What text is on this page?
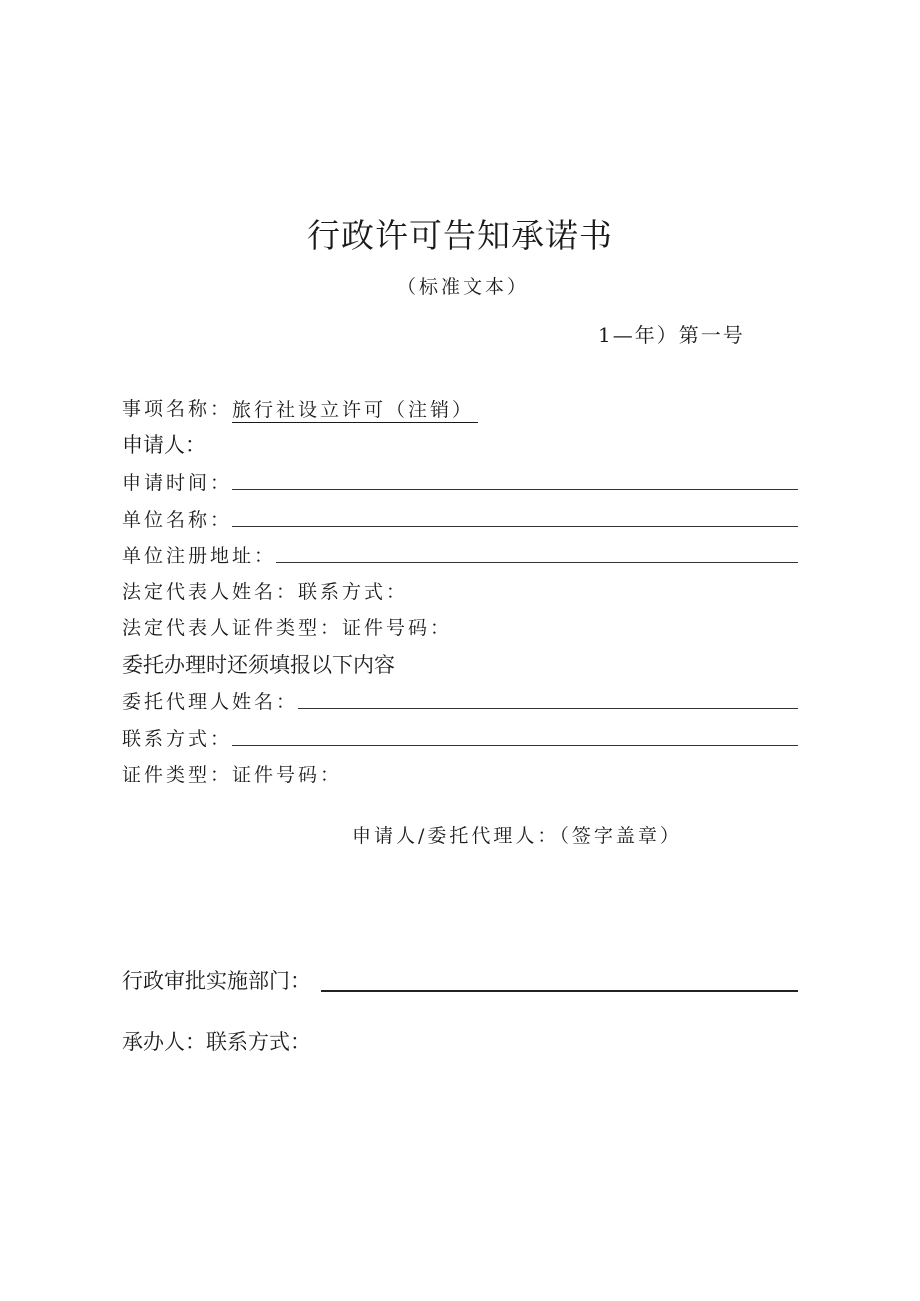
行政许可告知承诺书
（标准文本）
1—年）第一号
事项名称： 旅行社设立许可（注销）
申请人：
申请时间：
单位名称：
单位注册地址：
法定代表人姓名：联系方式：
法定代表人证件类型：证件号码：
委托办理时还须填报以下内容
委托代理人姓名：
联系方式：
证件类型：证件号码：
申请人/委托代理人：（签字盖章）
行政审批实施部门：
承办人：联系方式：
